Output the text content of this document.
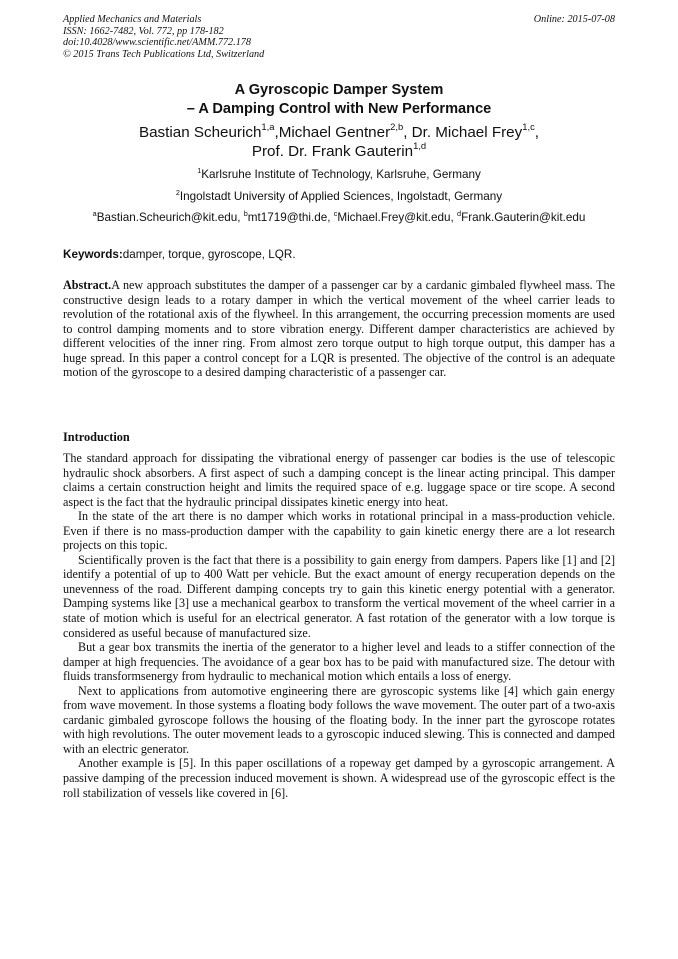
Applied Mechanics and Materials
ISSN: 1662-7482, Vol. 772, pp 178-182
doi:10.4028/www.scientific.net/AMM.772.178
© 2015 Trans Tech Publications Ltd, Switzerland
Online: 2015-07-08
A Gyroscopic Damper System
– A Damping Control with New Performance
Bastian Scheurich$^{1,a}$,Michael Gentner$^{2,b}$, Dr. Michael Frey$^{1,c}$,
Prof. Dr. Frank Gauterin$^{1,d}$
$^1$Karlsruhe Institute of Technology, Karlsruhe, Germany
$^2$Ingolstadt University of Applied Sciences, Ingolstadt, Germany
$^a$Bastian.Scheurich@kit.edu, $^b$mt1719@thi.de, $^c$Michael.Frey@kit.edu, $^d$Frank.Gauterin@kit.edu
Keywords:damper, torque, gyroscope, LQR.

Abstract.A new approach substitutes the damper of a passenger car by a cardanic gimbaled flywheel mass. The constructive design leads to a rotary damper in which the vertical movement of the wheel carrier leads to revolution of the rotational axis of the flywheel. In this arrangement, the occurring precession moments are used to control damping moments and to store vibration energy. Different damper characteristics are achieved by different velocities of the inner ring. From almost zero torque output to high torque output, this damper has a huge spread. In this paper a control concept for a LQR is presented. The objective of the control is an adequate motion of the gyroscope to a desired damping characteristic of a passenger car.

Introduction

The standard approach for dissipating the vibrational energy of passenger car bodies is the use of telescopic hydraulic shock absorbers. A first aspect of such a damping concept is the linear acting principal. This damper claims a certain construction height and limits the required space of e.g. luggage space or tire scope. A second aspect is the fact that the hydraulic principal dissipates kinetic energy into heat.

In the state of the art there is no damper which works in rotational principal in a mass-production vehicle. Even if there is no mass-production damper with the capability to gain kinetic energy there are a lot research projects on this topic.

Scientifically proven is the fact that there is a possibility to gain energy from dampers. Papers like [1] and [2] identify a potential of up to 400 Watt per vehicle. But the exact amount of energy recuperation depends on the unevenness of the road. Different damping concepts try to gain this kinetic energy potential with a generator. Damping systems like [3] use a mechanical gearbox to transform the vertical movement of the wheel carrier in a state of motion which is useful for an electrical generator. A fast rotation of the generator with a low torque is considered as useful because of manufactured size.

But a gear box transmits the inertia of the generator to a higher level and leads to a stiffer connection of the damper at high frequencies. The avoidance of a gear box has to be paid with manufactured size. The detour with fluids transformsenergy from hydraulic to mechanical motion which entails a loss of energy.

Next to applications from automotive engineering there are gyroscopic systems like [4] which gain energy from wave movement. In those systems a floating body follows the wave movement. The outer part of a two-axis cardanic gimbaled gyroscope follows the housing of the floating body. In the inner part the gyroscope rotates with high revolutions. The outer movement leads to a gyroscopic induced slewing. This is connected and damped with an electric generator.

Another example is [5]. In this paper oscillations of a ropeway get damped by a gyroscopic arrangement. A passive damping of the precession induced movement is shown. A widespread use of the gyroscopic effect is the roll stabilization of vessels like covered in [6].
